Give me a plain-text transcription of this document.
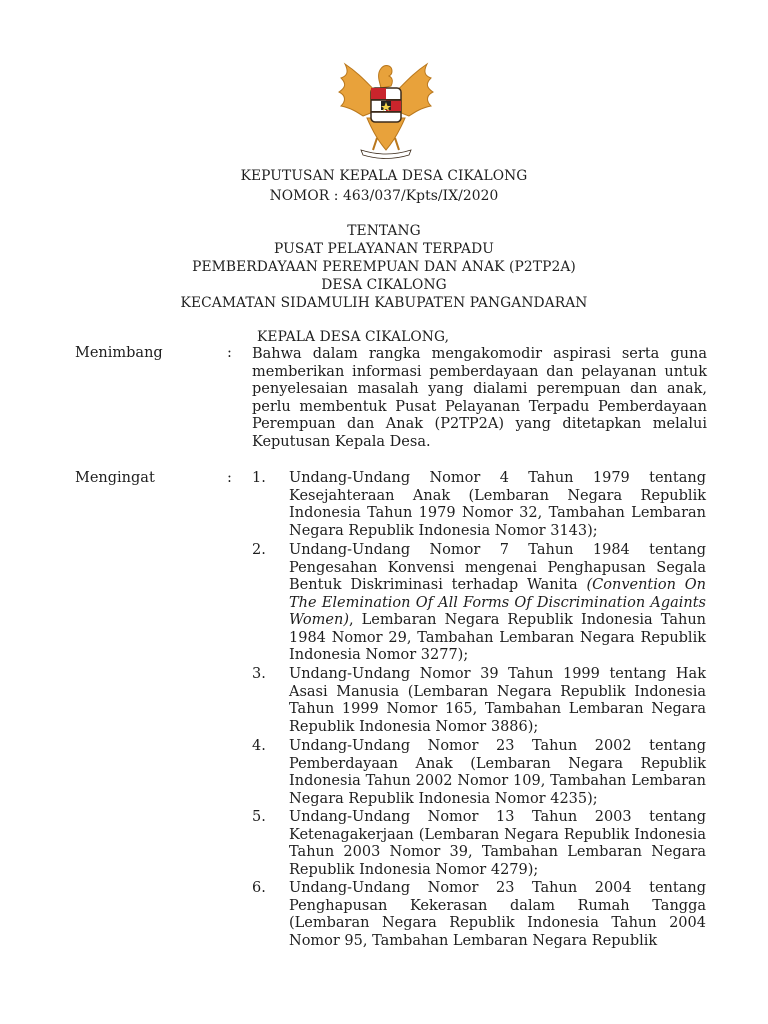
KEPUTUSAN KEPALA DESA CIKALONG
NOMOR : 463/037/Kpts/IX/2020
TENTANG
PUSAT PELAYANAN TERPADU
PEMBERDAYAAN PEREMPUAN DAN ANAK (P2TP2A)
DESA CIKALONG
KECAMATAN SIDAMULIH KABUPATEN PANGANDARAN
KEPALA DESA CIKALONG,
Menimbang	: Bahwa dalam rangka mengakomodir aspirasi serta guna memberikan informasi pemberdayaan dan pelayanan untuk penyelesaian masalah yang dialami perempuan dan anak, perlu membentuk Pusat Pelayanan Terpadu Pemberdayaan Perempuan dan Anak (P2TP2A) yang ditetapkan melalui Keputusan Kepala Desa.
Mengingat	: 1. Undang-Undang Nomor 4 Tahun 1979 tentang Kesejahteraan Anak (Lembaran Negara Republik Indonesia Tahun 1979 Nomor 32, Tambahan Lembaran Negara Republik Indonesia Nomor 3143);
2. Undang-Undang Nomor 7 Tahun 1984 tentang Pengesahan Konvensi mengenai Penghapusan Segala Bentuk Diskriminasi terhadap Wanita (Convention On The Elemination Of All Forms Of Discrimination Againts Women), Lembaran Negara Republik Indonesia Tahun 1984 Nomor 29, Tambahan Lembaran Negara Republik Indonesia Nomor 3277);
3. Undang-Undang Nomor 39 Tahun 1999 tentang Hak Asasi Manusia (Lembaran Negara Republik Indonesia Tahun 1999 Nomor 165, Tambahan Lembaran Negara Republik Indonesia Nomor 3886);
4. Undang-Undang Nomor 23 Tahun 2002 tentang Pemberdayaan Anak (Lembaran Negara Republik Indonesia Tahun 2002 Nomor 109, Tambahan Lembaran Negara Republik Indonesia Nomor 4235);
5. Undang-Undang Nomor 13 Tahun 2003 tentang Ketenagakerjaan (Lembaran Negara Republik Indonesia Tahun 2003 Nomor 39, Tambahan Lembaran Negara Republik Indonesia Nomor 4279);
6. Undang-Undang Nomor 23 Tahun 2004 tentang Penghapusan Kekerasan dalam Rumah Tangga (Lembaran Negara Republik Indonesia Tahun 2004 Nomor 95, Tambahan Lembaran Negara Republik
